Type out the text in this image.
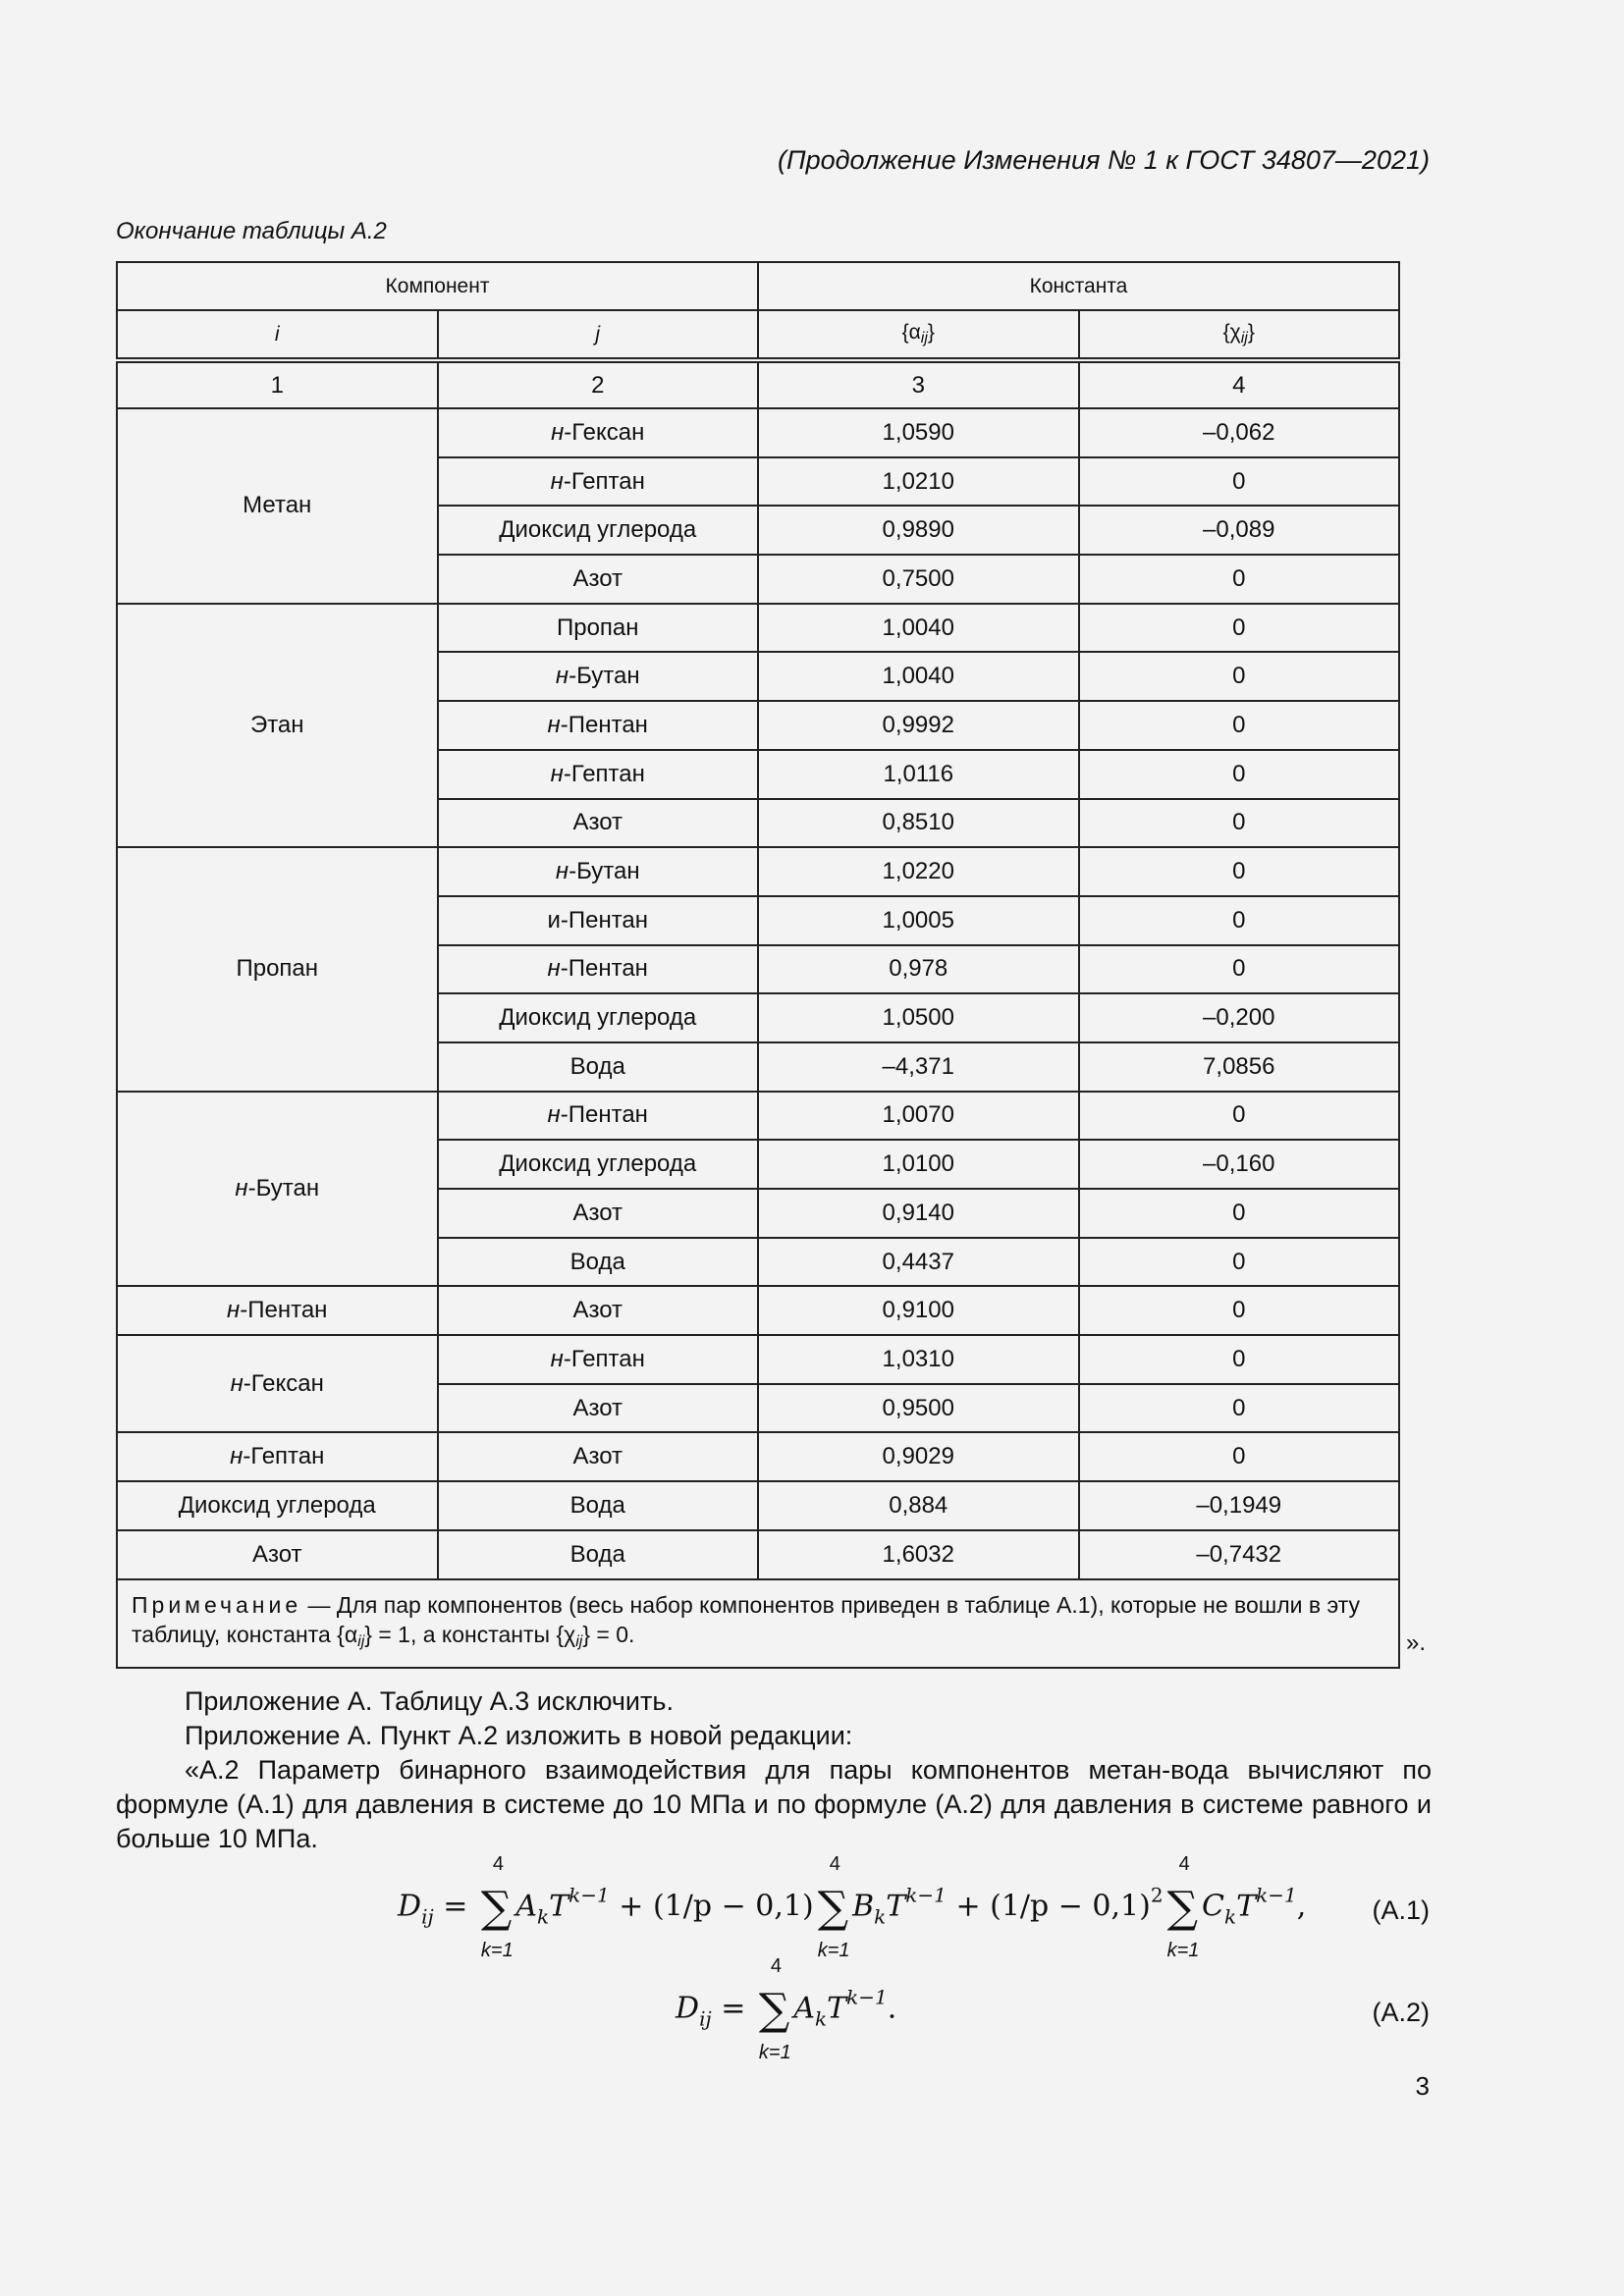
(Продолжение Изменения № 1 к ГОСТ 34807—2021)
Окончание таблицы А.2
Компонент		Константа	
i	j	$\{\alpha_{ij}\}$	$\{\chi_{ij}\}$
1	2	3	4
Метан	н-Гексан	1,0590	–0,062
	н-Гептан	1,0210	0
	Диоксид углерода	0,9890	–0,089
	Азот	0,7500	0
Этан	Пропан	1,0040	0
	н-Бутан	1,0040	0
	н-Пентан	0,9992	0
	н-Гептан	1,0116	0
	Азот	0,8510	0
Пропан	н-Бутан	1,0220	0
	и-Пентан	1,0005	0
	н-Пентан	0,978	0
	Диоксид углерода	1,0500	–0,200
	Вода	–4,371	7,0856
н-Бутан	н-Пентан	1,0070	0
	Диоксид углерода	1,0100	–0,160
	Азот	0,9140	0
	Вода	0,4437	0
н-Пентан	Азот	0,9100	0
н-Гексан	н-Гептан	1,0310	0
	Азот	0,9500	0
н-Гептан	Азот	0,9029	0
Диоксид углерода	Вода	0,884	–0,1949
Азот	Вода	1,6032	–0,7432
Примечание — Для пар компонентов (весь набор компонентов приведен в таблице А.1), которые не вошли в эту таблицу, константа $\{\alpha_{ij}\} = 1$, а константы $\{\chi_{ij}\} = 0$.				».
Приложение А. Таблицу А.3 исключить.
Приложение А. Пункт А.2 изложить в новой редакции:
«А.2 Параметр бинарного взаимодействия для пары компонентов метан-вода вычисляют по формуле (А.1) для давления в системе до 10 МПа и по формуле (А.2) для давления в системе равного и больше 10 МПа.
$D_{ij}$ = ∑
4
k=1
$A_kT^{k-1} + (1/p - 0,1)\sum$
4
k=1
$B_kT^{k-1} + (1/p - 0,1)^2\sum$
4
k=1
$C_kT^{k-1}$, (А.1)
$D_{ij}$ = ∑
4
k=1
$A_kT^{k-1}$.	(А.2)
3
